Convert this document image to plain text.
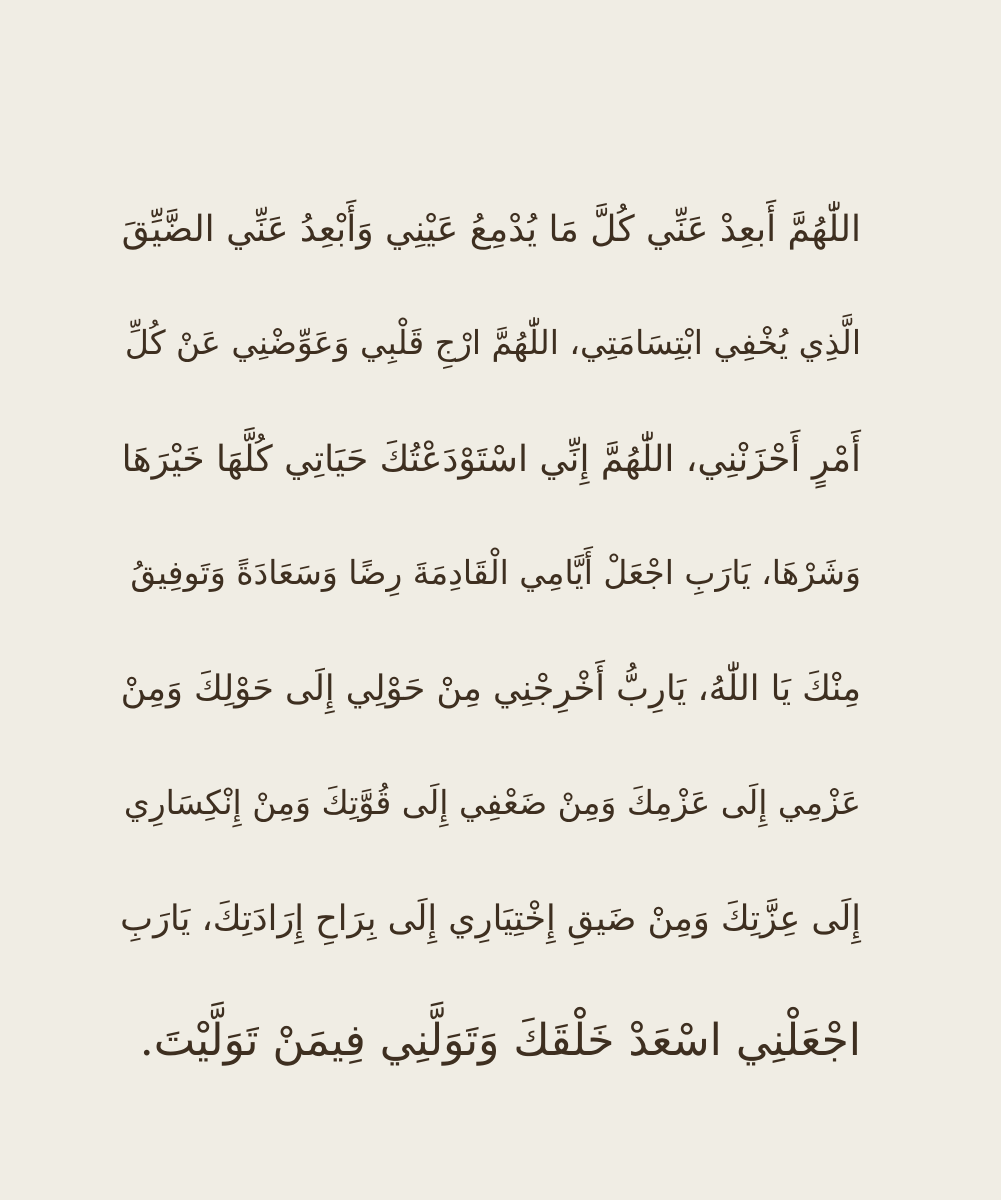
اللّٰهُمَّ أَبعِدْ عَنِّي كُلَّ مَا يُدْمِعُ عَيْنِي وَأَبْعِدُ عَنِّي الضَّيِّقَ
الَّذِي يُخْفِي ابْتِسَامَتِي، اللّٰهُمَّ ارْجِ قَلْبِي وَعَوِّضْنِي عَنْ كُلِّ
أَمْرٍ أَحْزَنْنِي، اللّٰهُمَّ إِنِّي اسْتَوْدَعْتُكَ حَيَاتِي كُلَّهَا خَيْرَهَا
وَشَرْهَا، يَارَبِ اجْعَلْ أَيَّامِي الْقَادِمَةَ رِضًا وَسَعَادَةً وَتَوفِيقُ
مِنْكَ يَا اللّٰهُ، يَارِبُّ أَخْرِجْنِي مِنْ حَوْلِي إِلَى حَوْلِكَ وَمِنْ
عَزْمِي إِلَى عَزْمِكَ وَمِنْ ضَعْفِي إِلَى قُوَّتِكَ وَمِنْ إِنْكِسَارِي
إِلَى عِزَّتِكَ وَمِنْ ضَيقِ إِخْتِيَارِي إِلَى بِرَاحِ إِرَادَتِكَ، يَارَبِ
اجْعَلْنِي اسْعَدْ خَلْقَكَ وَتَوَلَّنِي فِيمَنْ تَوَلَّيْتَ.
